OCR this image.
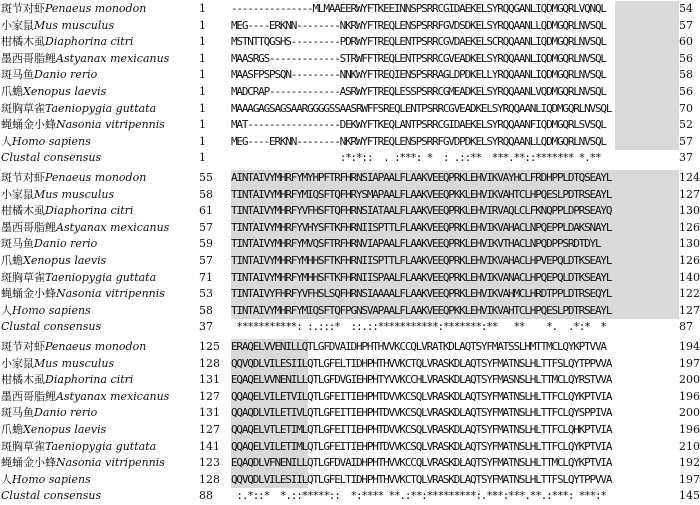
斑节对虾Penaeus monodon	1	---------------MLMAAEERWYFTKEEINNSPSRRCGIDAEKELSYRQQGANLIQDMGQRLVQNQL	54
小家鼠Mus musculus	1	MEG----ERKNN--------NKRWYFTREQLENSPSRRFGVDSDKELSYRQQAANLLQDMGQRLNVSQL	57
柑橘木虱Diaphorina citri	1	MSTNTTQGSHS---------PDRWYFTREQLENTPSRRCGVDAEKELSCRQQAANLIQDMGQRLNVSQL	60
墨西哥脂鲤Astyanax mexicanus	1	MAASRGS-------------STRWFFTREQLENTPSRRCGVEADKELSYRQQAANLIQDMGQRLNVSQL	56
斑马鱼Danio rerio	1	MAASFPSPSQN---------NNKWYFTREQIENSPSRRAGLDPDKELLYRQQAANLIQDMGQRLNVSQL	58
爪蟾Xenopus laevis	1	MADCRAP-------------ASRWYFTREQLESSPSRRCGMEADKELSYRQQAANLVQDMGQRLNVSQL	56
斑胸草雀Taeniopygia guttata	1	MAAAGAGSAGSAARGGGGSSAASRWFFSREQLENTPSRRCGVEADKELSYRQQAANLIQDMGQRLNVSQL	70
蝇蛹金小蜂Nasonia vitripennis	1	MAT-----------------DEKWYFTKEQLANTPSRRCGIDAEKELSYRQQAANFIQDMGQRLSVSQL	52
人Homo sapiens	1	MEG----ERKNN--------NKRWYFTREQLENSPSRRFGVDPDKELSYRQQAANLLQDMGQRLNVSQL	57
Clustal consensus	1	:*:*::  . :***: *  : .::**  ***.**::******* *.**	37
斑节对虾Penaeus monodon	55	AINTAIVYMHRFYMYHPFTRFHRNSIAPAALFLAAKVEEQPRKLEHVIKVAYHCLFRDHPPLDTQSEAYL	124
小家鼠Mus musculus	58	TINTAIVYMHRFYMIQSFTQFHRYSMAPAALFLAAKVEEQPKKLEHVIKVAHTCLHPQESLPDTRSEAYL	127
柑橘木虱Diaphorina citri	61	TINTAIVYMHRFYVFHSFTQFHRNSIATAALFLAAKVEEQPRKLEHVIRVAQLCLFKNQPPLDPRSEAYQ	130
墨西哥脂鲤Astyanax mexicanus	57	TINTAIVYMHRFYVHYSFTKFHRNIISPTTLFLAAKVEEQPRKLEHVIKVAHACLNPQEPPLDAKSNAYL	126
斑马鱼Danio rerio	59	TINTAIVYMHRFYMVQSFTRFHRNVIAPAALFLAAKVEEQPRKLEHVIKVTHACLNPQDPPSRDTDYL	130
爪蟾Xenopus laevis	57	TINTAIVYMHRFYMHHSFTKFHRNIISPTTLFLAAKVEEQPRKLEHVIKVAHACLHPVEPQLDTKSEAYL	126
斑胸草雀Taeniopygia guttata	71	TINTAIVYMHRFYMHHSFTKFHRNIISPAALFLAAKVEEQPRKLEHVIKVANACLHPQEPQLDTKSEAYL	140
蝇蛹金小蜂Nasonia vitripennis	53	TINTAIVYFHRFYVFHSLSQFHRNSIAAAALFLAAKVEEQPRKLEHVIKVAHMCLHRDTPPLDTRSEQYL	122
人Homo sapiens	58	TINTAIVYMHRFYMIQSFTQFPGNSVAPAALFLAAKVEEQPKKLEHVIKVAHTCLHPQESLPDTRSEAYL	127
Clustal consensus	37	***********: :.:::*  ::.::***********:*******:**   **    *.  .*:*  *	87
斑节对虾Penaeus monodon	125	ERAQELVVENILLQTLGFDVAIDHPHTHVVKCCQLVRATKDLAQTSYFMATSSLHMTTMCLQYKPTVVA	194
小家鼠Mus musculus	128	QQVQDLVILESIILQTLGFELTIDHPHTHVVKCTQLVRASKDLAQTSYFMATNSLHLTTFSLQYTPPVVA	197
柑橘木虱Diaphorina citri	131	EQAQELVVNENILLQTLGFDVGIEHPHTYVVKCCHLVRASKDLAQTSYFMASNSLHLTTMCLQYRSTVVA	200
墨西哥脂鲤Astyanax mexicanus	127	QQAQELVILETVILQTLGFEITIEHPHTDVVKCSQLVRASKDLAQTSYFMATNSLHLTTFCLQYKPTVIA	196
斑马鱼Danio rerio	131	QQAQDLVILETIVLQTLGFEITIEHPHTDVVKCSQLVRASKDLAQTSYFMATNSLHLTTFCLQYSPPIVA	200
爪蟾Xenopus laevis	127	QQAQELVTLETIMLQTLGFEITIEHPHTDVVKCSQLVRASKDLAQTSYFMATNSLHLTTFCLQHKPTVIA	196
斑胸草雀Taeniopygia guttata	141	QQAQELVILETIMLQTLGFEITIEHPHTDVVKCSQLVRASKDLAQTSYFMATNSLHLTTFCLQYKPTVIA	210
蝇蛹金小蜂Nasonia vitripennis	123	EQAQDLVFNENILLQTLGFDVAIDHPHTHVVKCCQLVRASKDLAQTSYFMATNSLHLTTMCLQYKPTVIA	192
人Homo sapiens	128	QQVQDLVILESIILQTLGFELTIDHPHTHVVKCTQLVRASKDLAQTSYFMATNSLHLTTFSLQYTPPVVA	197
Clustal consensus	88	:.*::*  *.::*****::  *:**** **.:**:*********:.***:***.**.:***: ***:*	145
